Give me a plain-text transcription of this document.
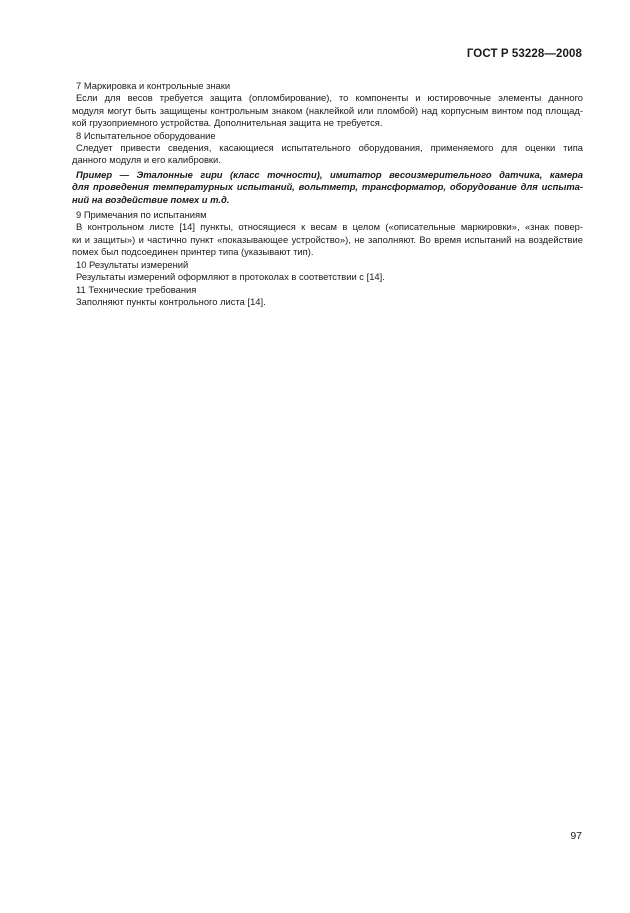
ГОСТ Р 53228—2008

7 Маркировка и контрольные знаки

Если для весов требуется защита (опломбирование), то компоненты и юстировочные элементы данного

модуля могут быть защищены контрольным знаком (наклейкой или пломбой) над корпусным винтом под площад-

кой грузоприемного устройства. Дополнительная защита не требуется.

8 Испытательное оборудование

Следует привести сведения, касающиеся испытательного оборудования, применяемого для оценки типа

данного модуля и его калибровки.

Пример — Эталонные гири (класс точности), имитатор весоизмерительного датчика, камера

для проведения температурных испытаний, вольтметр, трансформатор, оборудование для испыта-

ний на воздействие помех и т.д.

9 Примечания по испытаниям

В контрольном листе [14] пункты, относящиеся к весам в целом («описательные маркировки», «знак повер-

ки и защиты») и частично пункт «показывающее устройство»), не заполняют. Во время испытаний на воздействие

помех был подсоединен принтер типа (указывают тип).

10 Результаты измерений

Результаты измерений оформляют в протоколах в соответствии с [14].

11 Технические требования

Заполняют пункты контрольного листа [14].

97
